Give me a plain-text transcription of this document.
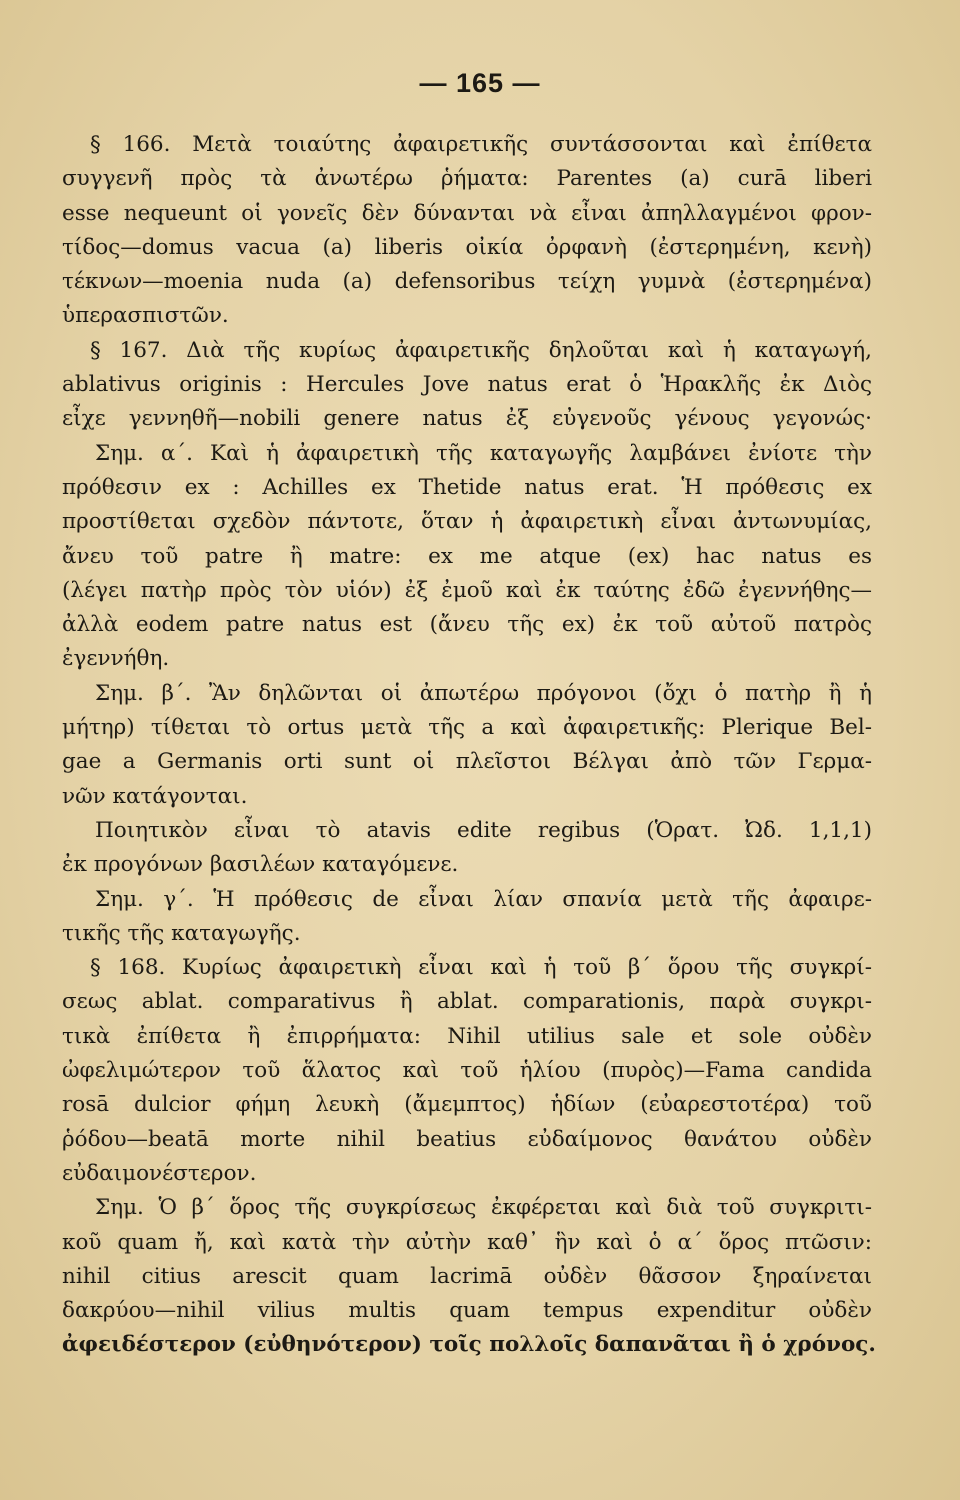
— 165 —
§ 166. Μετὰ τοιαύτης ἀφαιρετικῆς συντάσσονται καὶ ἐπίθετα
συγγενῆ πρὸς τὰ ἀνωτέρω ῥήματα: Parentes (a) curā liberi
esse nequeunt οἱ γονεῖς δὲν δύνανται νὰ εἶναι ἀπηλλαγμένοι φρον-
τίδος—domus vacua (a) liberis οἰκία ὀρφανὴ (ἐστερημένη, κενὴ)
τέκνων—moenia nuda (a) defensoribus τείχη γυμνὰ (ἐστερημένα)
ὑπερασπιστῶν.
§ 167. Διὰ τῆς κυρίως ἀφαιρετικῆς δηλοῦται καὶ ἡ καταγωγή,
ablativus originis : Hercules Jove natus erat ὁ Ἡρακλῆς ἐκ Διὸς
εἶχε γεννηθῆ—nobili genere natus ἐξ εὐγενοῦς γένους γεγονώς·
Σημ. α΄. Καὶ ἡ ἀφαιρετικὴ τῆς καταγωγῆς λαμβάνει ἐνίοτε τὴν
πρόθεσιν ex : Achilles ex Thetide natus erat. Ἡ πρόθεσις ex
προστίθεται σχεδὸν πάντοτε, ὅταν ἡ ἀφαιρετικὴ εἶναι ἀντωνυμίας,
ἄνευ τοῦ patre ἢ matre: ex me atque (ex) hac natus es
(λέγει πατὴρ πρὸς τὸν υἱόν) ἐξ ἐμοῦ καὶ ἐκ ταύτης ἐδῶ ἐγεννήθης—
ἀλλὰ eodem patre natus est (ἄνευ τῆς ex) ἐκ τοῦ αὐτοῦ πατρὸς
ἐγεννήθη.
Σημ. β΄. Ἂν δηλῶνται οἱ ἀπωτέρω πρόγονοι (ὄχι ὁ πατὴρ ἢ ἡ
μήτηρ) τίθεται τὸ ortus μετὰ τῆς a καὶ ἀφαιρετικῆς: Plerique Bel-
gae a Germanis orti sunt οἱ πλεῖστοι Βέλγαι ἀπὸ τῶν Γερμα-
νῶν κατάγονται.
Ποιητικὸν εἶναι τὸ atavis edite regibus (Ὁρατ. Ὠδ. 1,1,1)
ἐκ προγόνων βασιλέων καταγόμενε.
Σημ. γ΄. Ἡ πρόθεσις de εἶναι λίαν σπανία μετὰ τῆς ἀφαιρε-
τικῆς τῆς καταγωγῆς.
§ 168. Κυρίως ἀφαιρετικὴ εἶναι καὶ ἡ τοῦ β΄ ὅρου τῆς συγκρί-
σεως ablat. comparativus ἢ ablat. comparationis, παρὰ συγκρι-
τικὰ ἐπίθετα ἢ ἐπιρρήματα: Nihil utilius sale et sole οὐδὲν
ὠφελιμώτερον τοῦ ἅλατος καὶ τοῦ ἡλίου (πυρὸς)—Fama candida
rosā dulcior φήμη λευκὴ (ἄμεμπτος) ἡδίων (εὐαρεστοτέρα) τοῦ
ῥόδου—beatā morte nihil beatius εὐδαίμονος θανάτου οὐδὲν
εὐδαιμονέστερον.
Σημ. Ὁ β΄ ὅρος τῆς συγκρίσεως ἐκφέρεται καὶ διὰ τοῦ συγκριτι-
κοῦ quam ἤ, καὶ κατὰ τὴν αὐτὴν καθ᾽ ἣν καὶ ὁ α΄ ὅρος πτῶσιν:
nihil citius arescit quam lacrimā οὐδὲν θᾶσσον ξηραίνεται
δακρύου—nihil vilius multis quam tempus expenditur οὐδὲν
ἀφειδέστερον (εὐθηνότερον) τοῖς πολλοῖς δαπανᾶται ἢ ὁ χρόνος.
